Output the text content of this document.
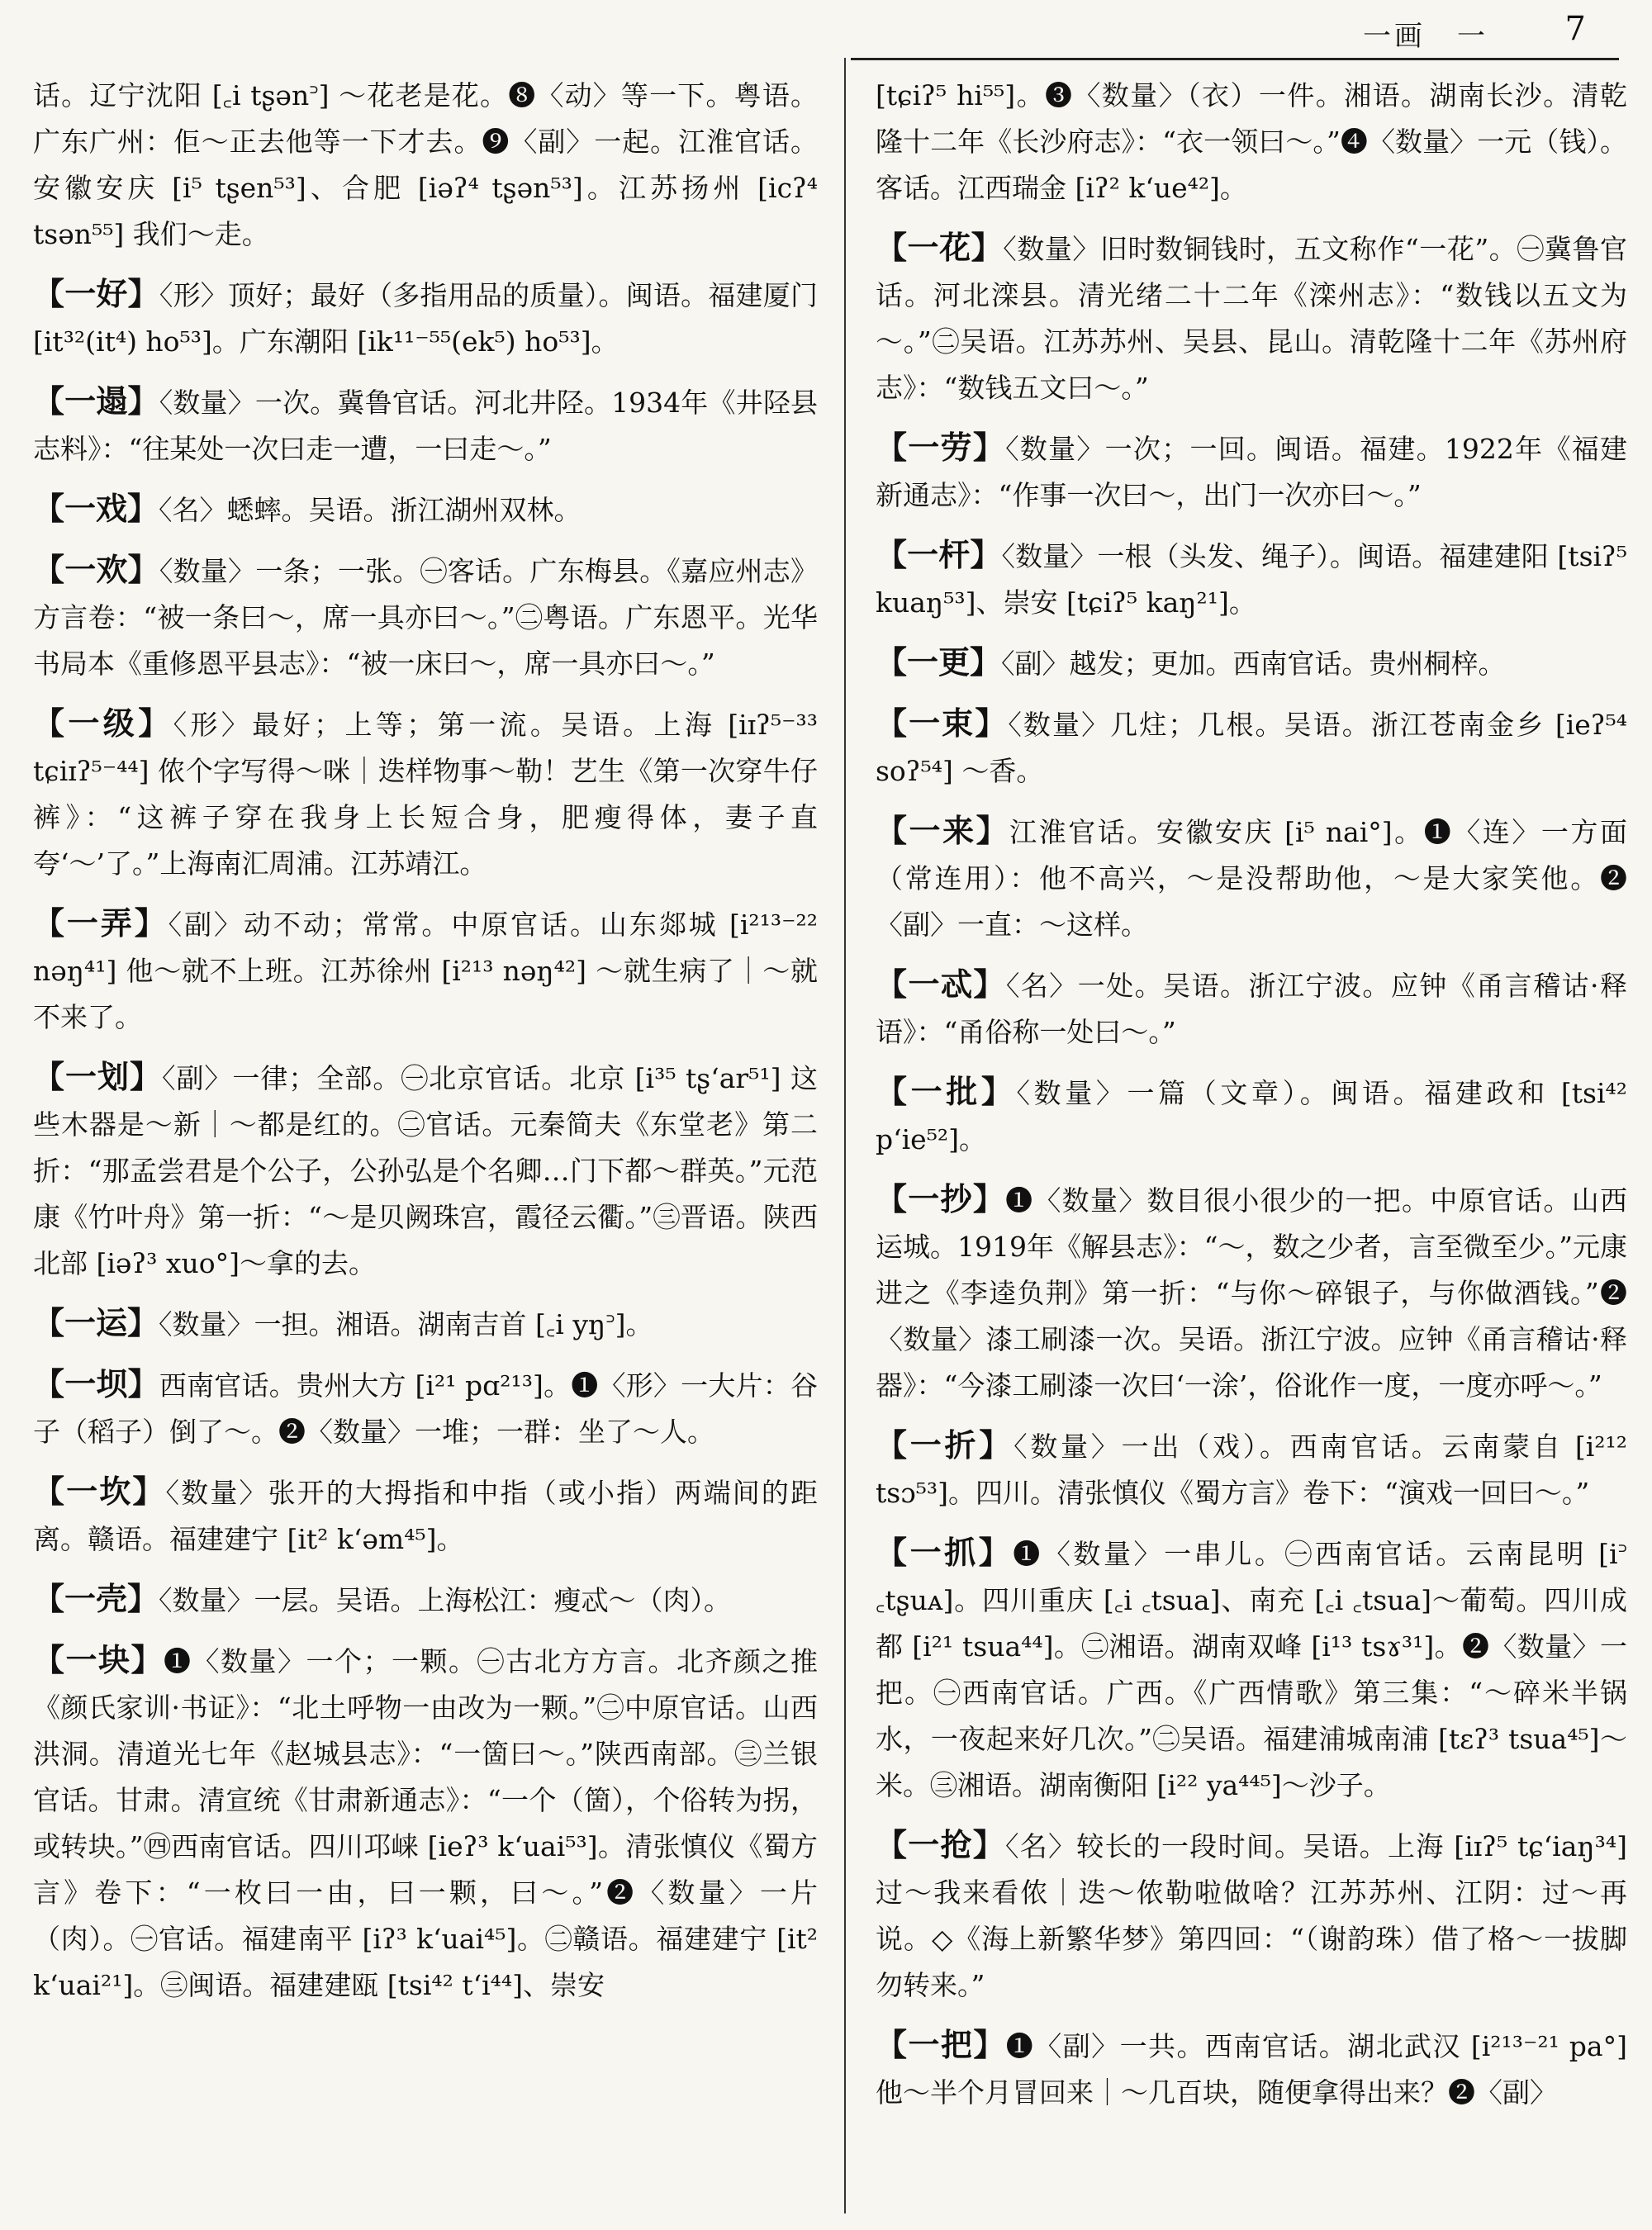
一画　一 7
话。辽宁沈阳 [꜀i tʂən꜄] ～花老是花。❽〈动〉等一下。粤语。广东广州：佢～正去他等一下才去。❾〈副〉一起。江淮官话。安徽安庆 [i⁵ tʂen⁵³]、合肥 [iəʔ⁴ tʂən⁵³]。江苏扬州 [icʔ⁴ tsən⁵⁵] 我们～走。
【一好】〈形〉顶好；最好（多指用品的质量）。闽语。福建厦门 [it³²(it⁴) ho⁵³]。广东潮阳 [ik¹¹⁻⁵⁵(ek⁵) ho⁵³]。
【一遢】〈数量〉一次。冀鲁官话。河北井陉。1934年《井陉县志料》：“往某处一次曰走一遭，一曰走～。”
【一戏】〈名〉蟋蟀。吴语。浙江湖州双林。
【一欢】〈数量〉一条；一张。㊀客话。广东梅县。《嘉应州志》方言卷：“被一条曰～，席一具亦曰～。”㊁粤语。广东恩平。光华书局本《重修恩平县志》：“被一床曰～，席一具亦曰～。”
【一级】〈形〉最好；上等；第一流。吴语。上海 [iɪʔ⁵⁻³³ tɕiɪʔ⁵⁻⁴⁴] 侬个字写得～咪｜迭样物事～勒！艺生《第一次穿牛仔裤》：“这裤子穿在我身上长短合身，肥瘦得体，妻子直夸‘～’了。”上海南汇周浦。江苏靖江。
【一弄】〈副〉动不动；常常。中原官话。山东郯城 [i²¹³⁻²² nəŋ⁴¹] 他～就不上班。江苏徐州 [i²¹³ nəŋ⁴²] ～就生病了｜～就不来了。
【一划】〈副〉一律；全部。㊀北京官话。北京 [i³⁵ tʂʻar⁵¹] 这些木器是～新｜～都是红的。㊁官话。元秦简夫《东堂老》第二折：“那孟尝君是个公子，公孙弘是个名卿…门下都～群英。”元范康《竹叶舟》第一折：“～是贝阙珠宫，霞径云衢。”㊂晋语。陕西北部 [iəʔ³ xuo°]～拿的去。
【一运】〈数量〉一担。湘语。湖南吉首 [꜀i yŋ꜄]。
【一坝】西南官话。贵州大方 [i²¹ pɑ²¹³]。❶〈形〉一大片：谷子（稻子）倒了～。❷〈数量〉一堆；一群：坐了～人。
【一坎】〈数量〉张开的大拇指和中指（或小指）两端间的距离。赣语。福建建宁 [it² kʻəm⁴⁵]。
【一壳】〈数量〉一层。吴语。上海松江：瘦忒～（肉）。
【一块】❶〈数量〉一个；一颗。㊀古北方方言。北齐颜之推《颜氏家训·书证》：“北土呼物一由改为一颗。”㊁中原官话。山西洪洞。清道光七年《赵城县志》：“一箇曰～。”陕西南部。㊂兰银官话。甘肃。清宣统《甘肃新通志》：“一个（箇），个俗转为拐，或转块。”㊃西南官话。四川邛崃 [ieʔ³ kʻuai⁵³]。清张慎仪《蜀方言》卷下：“一枚曰一由，曰一颗，曰～。”❷〈数量〉一片（肉）。㊀官话。福建南平 [iʔ³ kʻuai⁴⁵]。㊁赣语。福建建宁 [it² kʻuai²¹]。㊂闽语。福建建瓯 [tsi⁴² tʻi⁴⁴]、崇安
[tɕiʔ⁵ hi⁵⁵]。❸〈数量〉（衣）一件。湘语。湖南长沙。清乾隆十二年《长沙府志》：“衣一领曰～。”❹〈数量〉一元（钱）。客话。江西瑞金 [iʔ² kʻue⁴²]。
【一花】〈数量〉旧时数铜钱时，五文称作“一花”。㊀冀鲁官话。河北滦县。清光绪二十二年《滦州志》：“数钱以五文为～。”㊁吴语。江苏苏州、吴县、昆山。清乾隆十二年《苏州府志》：“数钱五文曰～。”
【一劳】〈数量〉一次；一回。闽语。福建。1922年《福建新通志》：“作事一次曰～，出门一次亦曰～。”
【一杆】〈数量〉一根（头发、绳子）。闽语。福建建阳 [tsiʔ⁵ kuaŋ⁵³]、崇安 [tɕiʔ⁵ kaŋ²¹]。
【一更】〈副〉越发；更加。西南官话。贵州桐梓。
【一束】〈数量〉几炷；几根。吴语。浙江苍南金乡 [ieʔ⁵⁴ soʔ⁵⁴] ～香。
【一来】江淮官话。安徽安庆 [i⁵ nai°]。❶〈连〉一方面（常连用）：他不高兴，～是没帮助他，～是大家笑他。❷〈副〉一直：～这样。
【一忒】〈名〉一处。吴语。浙江宁波。应钟《甬言稽诂·释语》：“甬俗称一处曰～。”
【一批】〈数量〉一篇（文章）。闽语。福建政和 [tsi⁴² pʻie⁵²]。
【一抄】❶〈数量〉数目很小很少的一把。中原官话。山西运城。1919年《解县志》：“～，数之少者，言至微至少。”元康进之《李逵负荆》第一折：“与你～碎银子，与你做酒钱。”❷〈数量〉漆工刷漆一次。吴语。浙江宁波。应钟《甬言稽诂·释器》：“今漆工刷漆一次曰‘一涂’，俗讹作一度，一度亦呼～。”
【一折】〈数量〉一出（戏）。西南官话。云南蒙自 [i²¹² tsɔ⁵³]。四川。清张慎仪《蜀方言》卷下：“演戏一回曰～。”
【一抓】❶〈数量〉一串儿。㊀西南官话。云南昆明 [i꜄ ꜀tʂuᴀ]。四川重庆 [꜀i ꜀tsua]、南充 [꜀i ꜀tsua]～葡萄。四川成都 [i²¹ tsua⁴⁴]。㊁湘语。湖南双峰 [i¹³ tsɤ³¹]。❷〈数量〉一把。㊀西南官话。广西。《广西情歌》第三集：“～碎米半锅水，一夜起来好几次。”㊁吴语。福建浦城南浦 [tɛʔ³ tsua⁴⁵]～米。㊂湘语。湖南衡阳 [i²² ya⁴⁴⁵]～沙子。
【一抢】〈名〉较长的一段时间。吴语。上海 [iɪʔ⁵ tɕʻiaŋ³⁴] 过～我来看侬｜迭～侬勒啦做啥？江苏苏州、江阴：过～再说。◇《海上新繁华梦》第四回：“（谢韵珠）借了格～一拔脚勿转来。”
【一把】❶〈副〉一共。西南官话。湖北武汉 [i²¹³⁻²¹ pa°] 他～半个月冒回来｜～几百块，随便拿得出来？❷〈副〉
